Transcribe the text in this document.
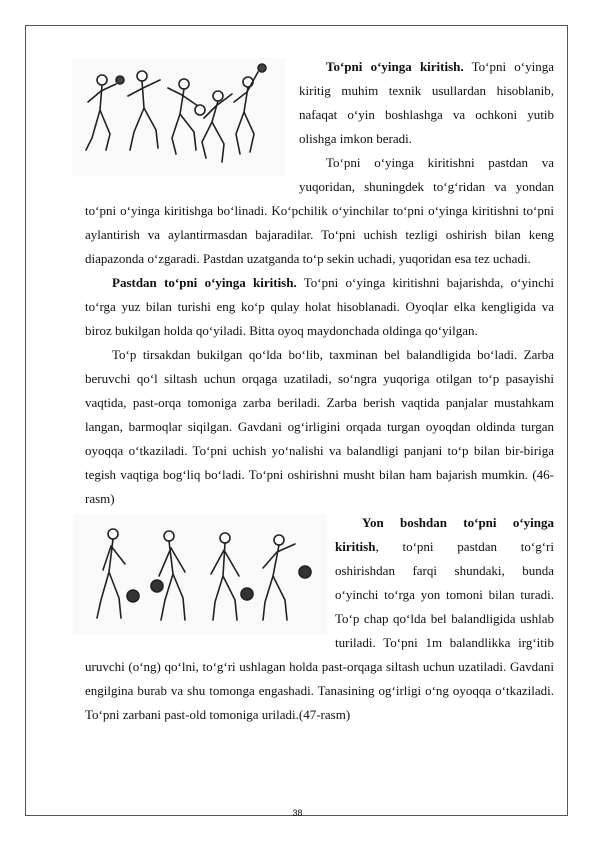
To‘pni o‘yinga kiritish. To‘pni o‘yinga kiritig muhim texnik usullardan hisoblanib, nafaqat o‘yin boshlashga va ochkoni yutib olishga imkon beradi.

To‘pni o‘yinga kiritishni pastdan va yuqoridan, shuningdek to‘g‘ridan va yondan to‘pni o‘yinga kiritishga bo‘linadi. Ko‘pchilik o‘yinchilar to‘pni o‘yinga kiritishni to‘pni aylantirish va aylantirmasdan bajaradilar. To‘pni uchish tezligi oshirish bilan keng diapazonda o‘zgaradi. Pastdan uzatganda to‘p sekin uchadi, yuqoridan esa tez uchadi.

Pastdan to‘pni o‘yinga kiritish. To‘pni o‘yinga kiritishni bajarishda, o‘yinchi to‘rga yuz bilan turishi eng ko‘p qulay holat hisoblanadi. Oyoqlar elka kengligida va biroz bukilgan holda qo‘yiladi. Bitta oyoq maydonchada oldinga qo‘yilgan.

To‘p tirsakdan bukilgan qo‘lda bo‘lib, taxminan bel balandligida bo‘ladi. Zarba beruvchi qo‘l siltash uchun orqaga uzatiladi, so‘ngra yuqoriga otilgan to‘p pasayishi vaqtida, past-orqa tomoniga zarba beriladi. Zarba berish vaqtida panjalar mustahkam langan, barmoqlar siqilgan. Gavdani og‘irligini orqada turgan oyoqdan oldinda turgan oyoqqa o‘tkaziladi. To‘pni uchish yo‘nalishi va balandligi panjani to‘p bilan bir-biriga tegish vaqtiga bog‘liq bo‘ladi. To‘pni oshirishni musht bilan ham bajarish mumkin. (46-rasm)

Yon boshdan to‘pni o‘yinga kiritish, to‘pni pastdan to‘g‘ri oshirishdan farqi shundaki, bunda o‘yinchi to‘rga yon tomoni bilan turadi. To‘p chap qo‘lda bel balandligida ushlab turiladi. To‘pni 1m balandlikka irg‘itib uruvchi (o‘ng) qo‘lni, to‘g‘ri ushlagan holda past-orqaga siltash uchun uzatiladi. Gavdani engilgina burab va shu tomonga engashadi. Tanasining og‘irligi o‘ng oyoqqa o‘tkaziladi. To‘pni zarbani past-old tomoniga uriladi.(47-rasm)

38
